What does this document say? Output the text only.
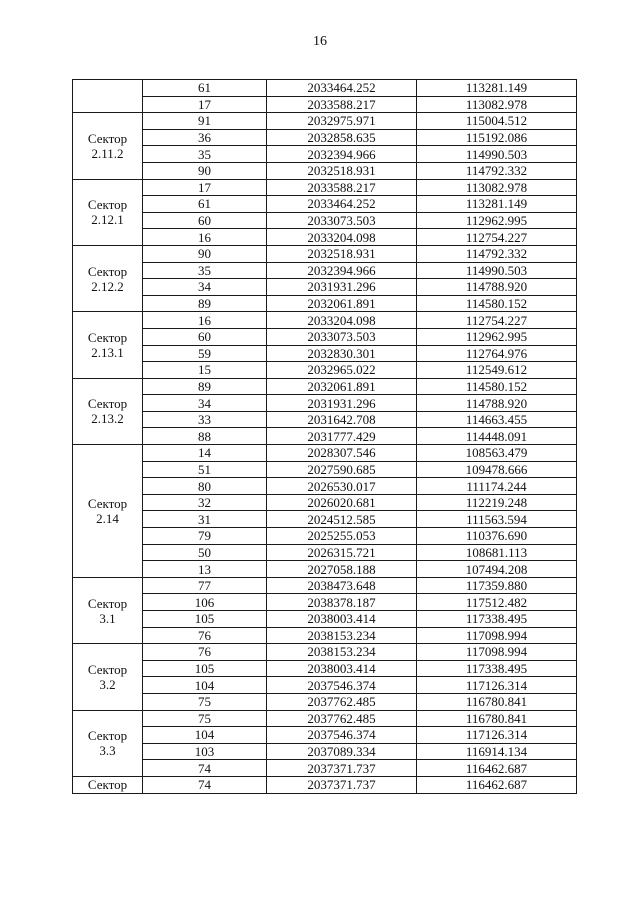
16
	61	2033464.252	113281.149
	17	2033588.217	113082.978

Сектор
2.11.2	91	2032975.971	115004.512
	36	2032858.635	115192.086
	35	2032394.966	114990.503
	90	2032518.931	114792.332

Сектор
2.12.1	17	2033588.217	113082.978
	61	2033464.252	113281.149
	60	2033073.503	112962.995
	16	2033204.098	112754.227

Сектор
2.12.2	90	2032518.931	114792.332
	35	2032394.966	114990.503
	34	2031931.296	114788.920
	89	2032061.891	114580.152

Сектор
2.13.1	16	2033204.098	112754.227
	60	2033073.503	112962.995
	59	2032830.301	112764.976
	15	2032965.022	112549.612

Сектор
2.13.2	89	2032061.891	114580.152
	34	2031931.296	114788.920
	33	2031642.708	114663.455
	88	2031777.429	114448.091

Сектор
2.14	14	2028307.546	108563.479
	51	2027590.685	109478.666
	80	2026530.017	111174.244
	32	2026020.681	112219.248
	31	2024512.585	111563.594
	79	2025255.053	110376.690
	50	2026315.721	108681.113
	13	2027058.188	107494.208

Сектор
3.1	77	2038473.648	117359.880
	106	2038378.187	117512.482
	105	2038003.414	117338.495
	76	2038153.234	117098.994

Сектор
3.2	76	2038153.234	117098.994
	105	2038003.414	117338.495
	104	2037546.374	117126.314
	75	2037762.485	116780.841

Сектор
3.3	75	2037762.485	116780.841
	104	2037546.374	117126.314
	103	2037089.334	116914.134
	74	2037371.737	116462.687

Сектор	74	2037371.737	116462.687
